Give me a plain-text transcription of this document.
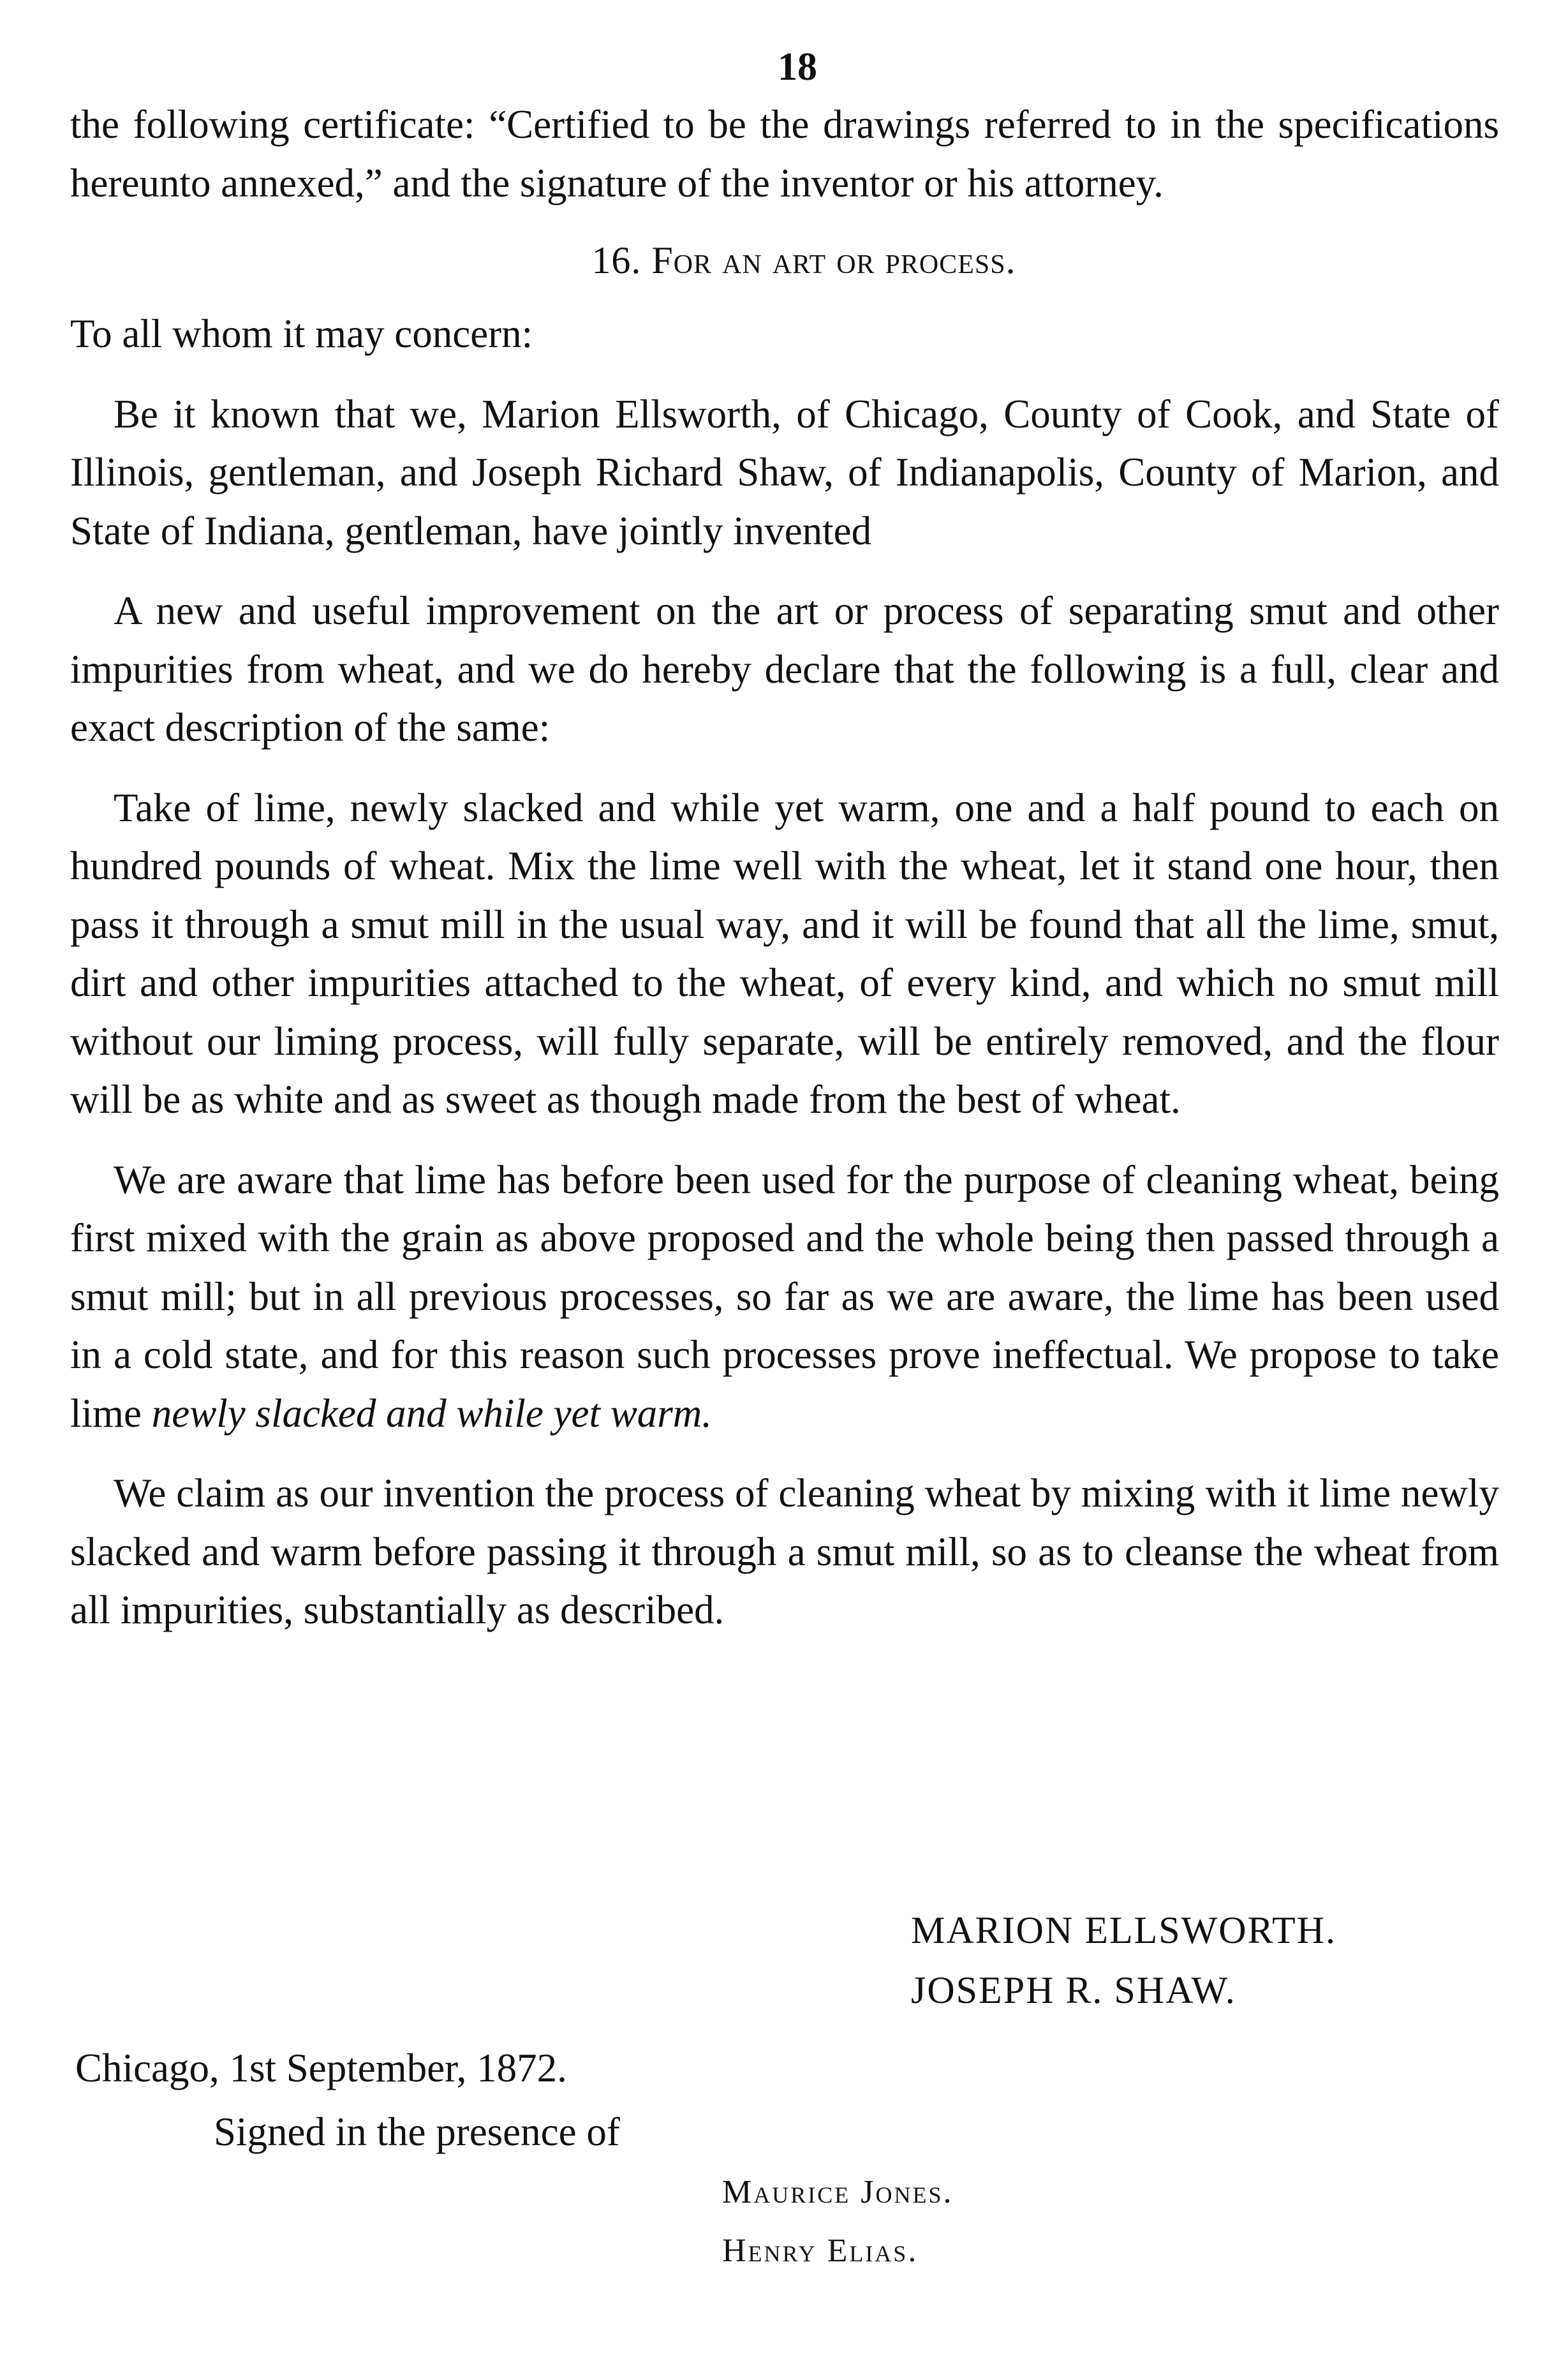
18

the following certificate: “Certified to be the drawings referred to in the specifications hereunto annexed,” and the signature of the inventor or his attorney.

16. For an art or process.

To all whom it may concern:

Be it known that we, Marion Ellsworth, of Chicago, County of Cook, and State of Illinois, gentleman, and Joseph Richard Shaw, of Indianapolis, County of Marion, and State of Indiana, gentleman, have jointly invented

A new and useful improvement on the art or process of separating smut and other impurities from wheat, and we do hereby declare that the following is a full, clear and exact description of the same:

Take of lime, newly slacked and while yet warm, one and a half pound to each on hundred pounds of wheat. Mix the lime well with the wheat, let it stand one hour, then pass it through a smut mill in the usual way, and it will be found that all the lime, smut, dirt and other impurities attached to the wheat, of every kind, and which no smut mill without our liming process, will fully separate, will be entirely removed, and the flour will be as white and as sweet as though made from the best of wheat.

We are aware that lime has before been used for the purpose of cleaning wheat, being first mixed with the grain as above proposed and the whole being then passed through a smut mill; but in all previous processes, so far as we are aware, the lime has been used in a cold state, and for this reason such processes prove ineffectual. We propose to take lime newly slacked and while yet warm.

We claim as our invention the process of cleaning wheat by mixing with it lime newly slacked and warm before passing it through a smut mill, so as to cleanse the wheat from all impurities, substantially as described.

MARION ELLSWORTH.
JOSEPH R. SHAW.
Chicago, 1st September, 1872.
Signed in the presence of
Maurice Jones.
Henry Elias.
